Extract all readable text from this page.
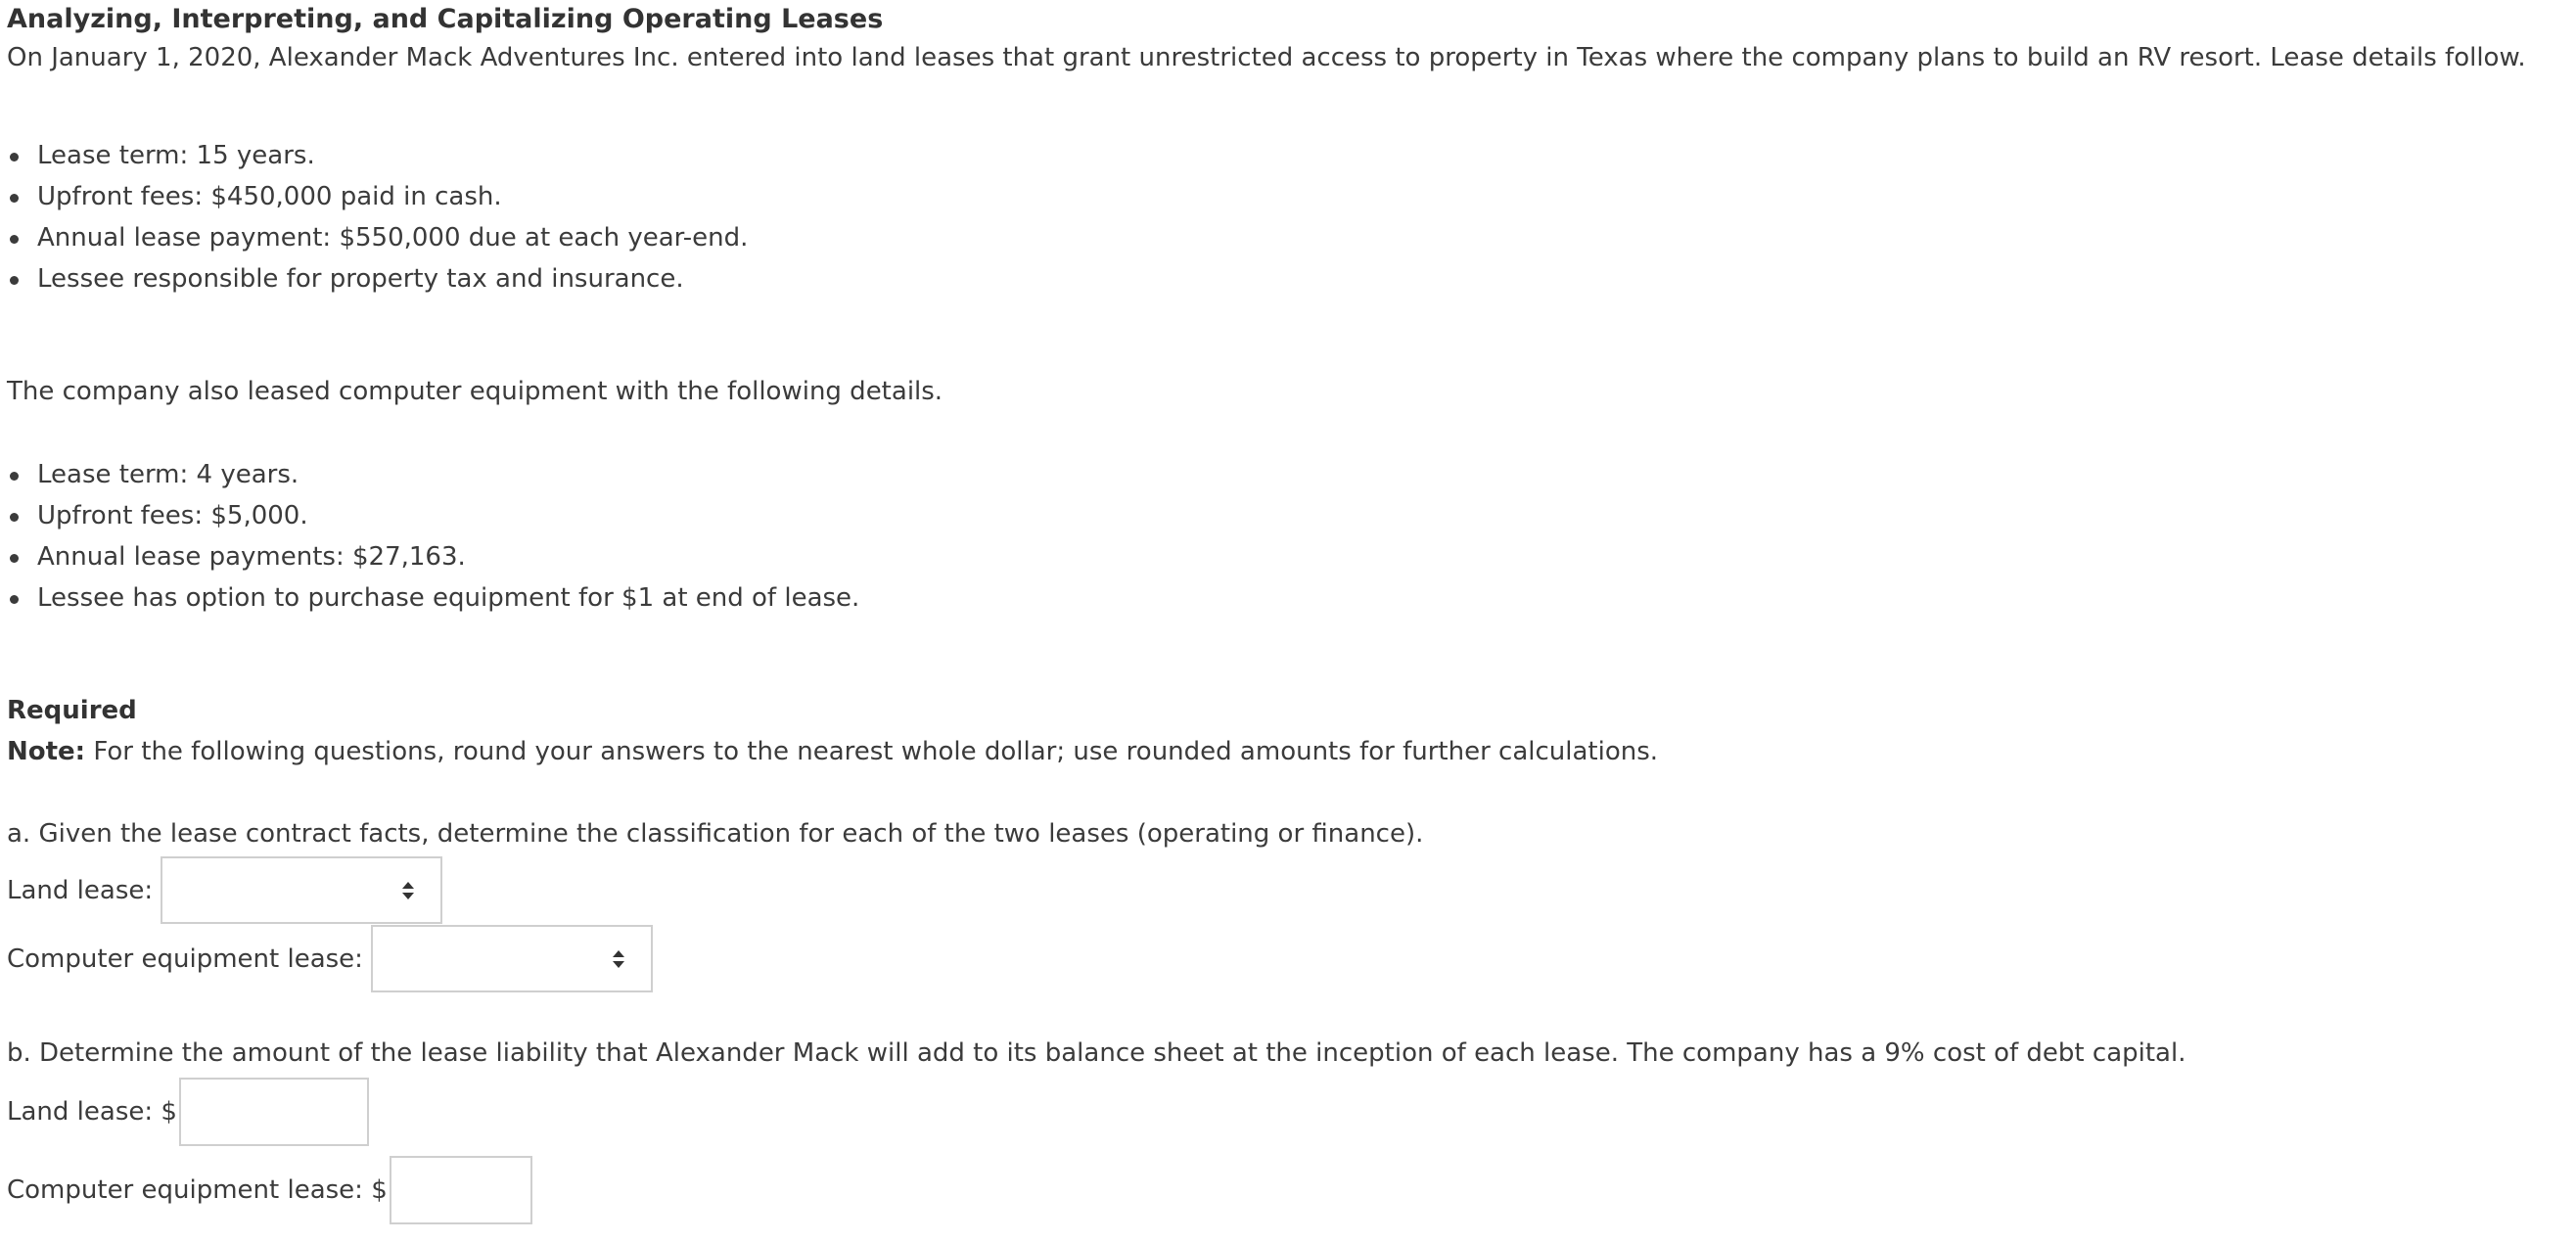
Analyzing, Interpreting, and Capitalizing Operating Leases
On January 1, 2020, Alexander Mack Adventures Inc. entered into land leases that grant unrestricted access to property in Texas where the company plans to build an RV resort. Lease details follow.
Lease term: 15 years.
Upfront fees: $450,000 paid in cash.
Annual lease payment: $550,000 due at each year-end.
Lessee responsible for property tax and insurance.
The company also leased computer equipment with the following details.
Lease term: 4 years.
Upfront fees: $5,000.
Annual lease payments: $27,163.
Lessee has option to purchase equipment for $1 at end of lease.
Required
Note: For the following questions, round your answers to the nearest whole dollar; use rounded amounts for further calculations.
a. Given the lease contract facts, determine the classification for each of the two leases (operating or finance).
Land lease:
Computer equipment lease:
b. Determine the amount of the lease liability that Alexander Mack will add to its balance sheet at the inception of each lease. The company has a 9% cost of debt capital.
Land lease: $
Computer equipment lease: $
